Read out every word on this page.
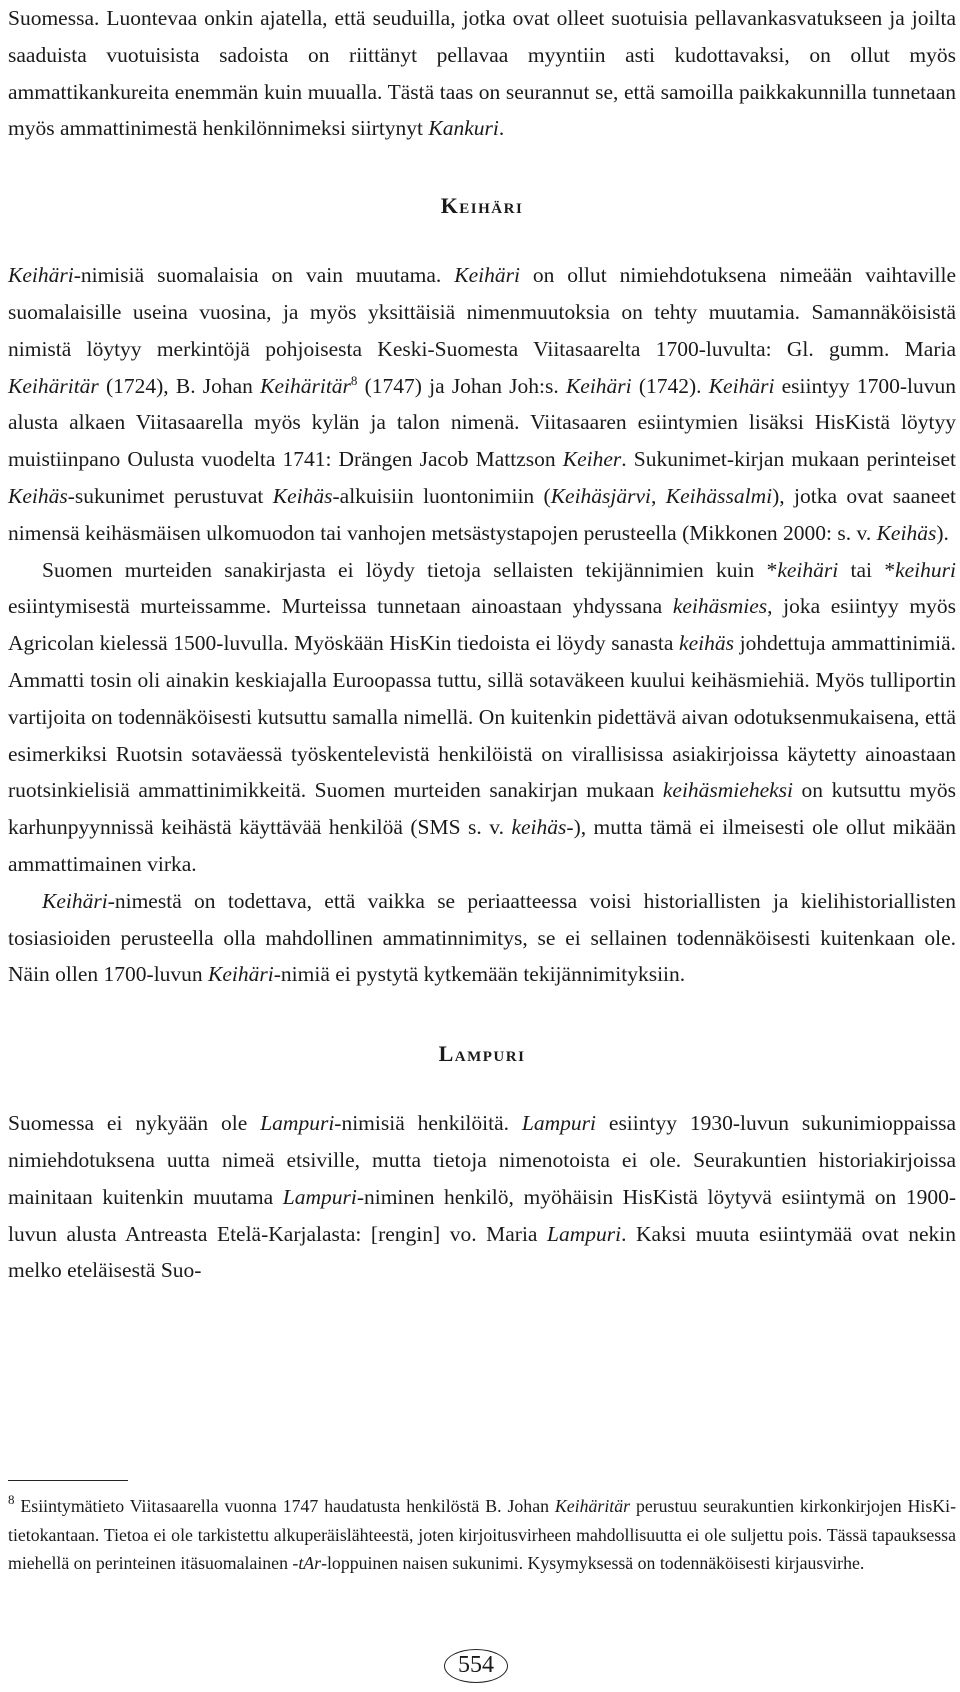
Suomessa. Luontevaa onkin ajatella, että seuduilla, jotka ovat olleet suotuisia pellavankasvatukseen ja joilta saaduista vuotuisista sadoista on riittänyt pellavaa myyntiin asti kudottavaksi, on ollut myös ammattikankureita enemmän kuin muualla. Tästä taas on seurannut se, että samoilla paikkakunnilla tunnetaan myös ammattinimestä henkilönnimeksi siirtynyt Kankuri.

Keihäri

Keihäri-nimisiä suomalaisia on vain muutama. Keihäri on ollut nimiehdotuksena nimeään vaihtaville suomalaisille useina vuosina, ja myös yksittäisiä nimenmuutoksia on tehty muutamia. Samannäköisistä nimistä löytyy merkintöjä pohjoisesta Keski-Suomesta Viitasaarelta 1700-luvulta: Gl. gumm. Maria Keihäritär (1724), B. Johan Keihäritär$^8$ (1747) ja Johan Joh:s. Keihäri (1742). Keihäri esiintyy 1700-luvun alusta alkaen Viitasaarella myös kylän ja talon nimenä. Viitasaaren esiintymien lisäksi HisKistä löytyy muistiinpano Oulusta vuodelta 1741: Drängen Jacob Mattzson Keiher. Sukunimet-kirjan mukaan perinteiset Keihäs-sukunimet perustuvat Keihäs-alkuisiin luontonimiin (Keihäsjärvi, Keihässalmi), jotka ovat saaneet nimensä keihäsmäisen ulkomuodon tai vanhojen metsästystapojen perusteella (Mikkonen 2000: s. v. Keihäs).

Suomen murteiden sanakirjasta ei löydy tietoja sellaisten tekijännimien kuin *keihäri tai *keihuri esiintymisestä murteissamme. Murteissa tunnetaan ainoastaan yhdyssana keihäsmies, joka esiintyy myös Agricolan kielessä 1500-luvulla. Myöskään HisKin tiedoista ei löydy sanasta keihäs johdettuja ammattinimiä. Ammatti tosin oli ainakin keskiajalla Euroopassa tuttu, sillä sotaväkeen kuului keihäsmiehiä. Myös tulliportin vartijoita on todennäköisesti kutsuttu samalla nimellä. On kuitenkin pidettävä aivan odotuksenmukaisena, että esimerkiksi Ruotsin sotaväessä työskentelevistä henkilöistä on virallisissa asiakirjoissa käytetty ainoastaan ruotsinkielisiä ammattinimikkeitä. Suomen murteiden sanakirjan mukaan keihäsmieheksi on kutsuttu myös karhunpyynnissä keihästä käyttävää henkilöä (SMS s. v. keihäs-), mutta tämä ei ilmeisesti ole ollut mikään ammattimainen virka.

Keihäri-nimestä on todettava, että vaikka se periaatteessa voisi historiallisten ja kielihistoriallisten tosiasioiden perusteella olla mahdollinen ammatinnimitys, se ei sellainen todennäköisesti kuitenkaan ole. Näin ollen 1700-luvun Keihäri-nimiä ei pystytä kytkemään tekijännimityksiin.

Lampuri

Suomessa ei nykyään ole Lampuri-nimisiä henkilöitä. Lampuri esiintyy 1930-luvun sukunimioppaissa nimiehdotuksena uutta nimeä etsiville, mutta tietoja nimenotoista ei ole. Seurakuntien historiakirjoissa mainitaan kuitenkin muutama Lampuri-niminen henkilö, myöhäisin HisKistä löytyvä esiintymä on 1900-luvun alusta Antreasta Etelä-Karjalasta: [rengin] vo. Maria Lampuri. Kaksi muuta esiintymää ovat nekin melko eteläisestä Suo-

$^8$ Esiintymätieto Viitasaarella vuonna 1747 haudatusta henkilöstä B. Johan Keihäritär perustuu seurakuntien kirkonkirjojen HisKi-tietokantaan. Tietoa ei ole tarkistettu alkuperäislähteestä, joten kirjoitusvirheen mahdollisuutta ei ole suljettu pois. Tässä tapauksessa miehellä on perinteinen itäsuomalainen -tAr-loppuinen naisen sukunimi. Kysymyksessä on todennäköisesti kirjausvirhe.

554
